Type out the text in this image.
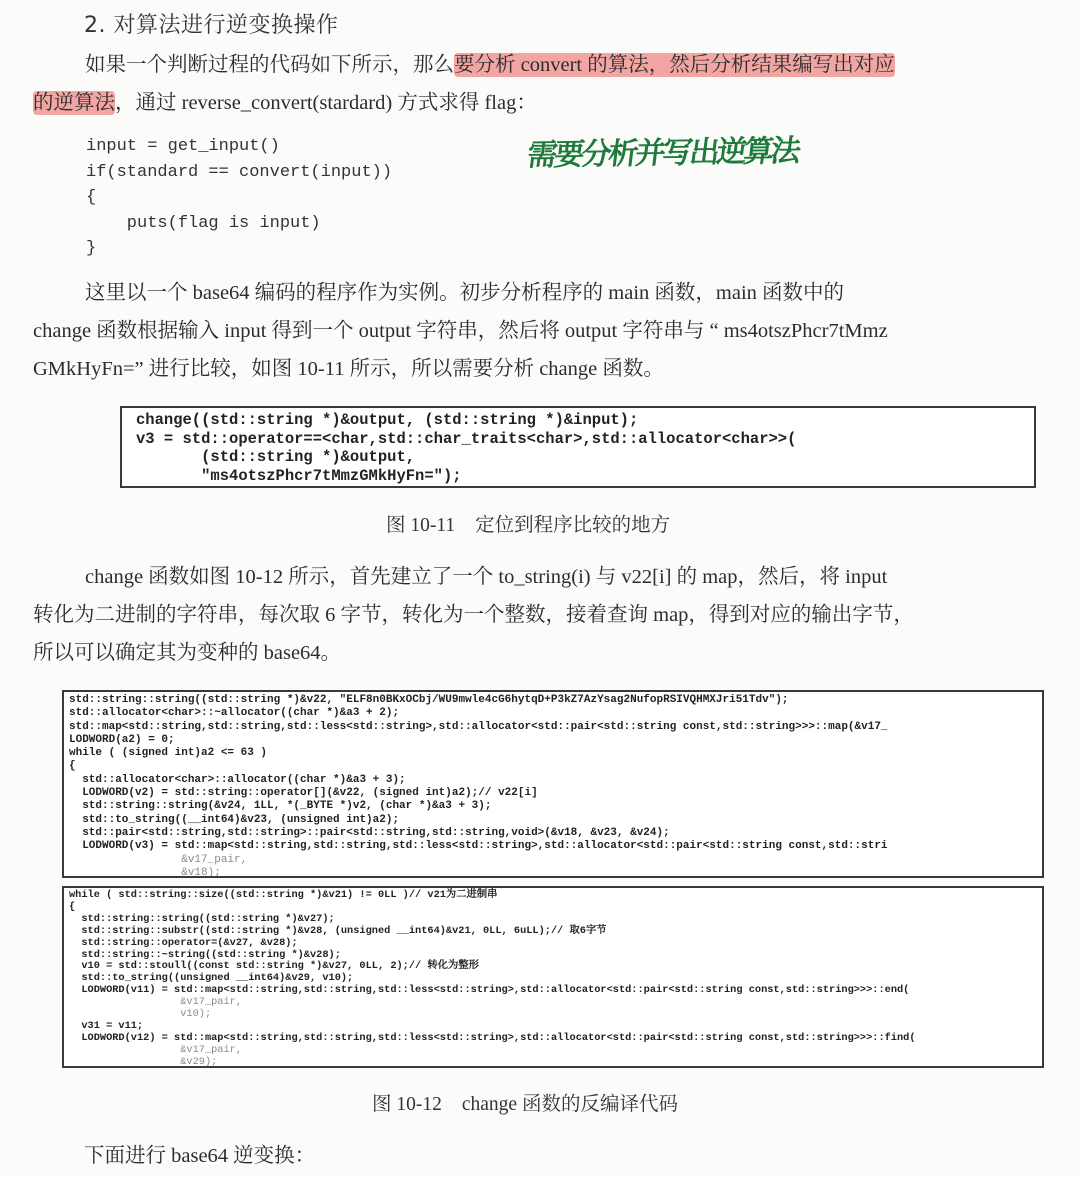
2. 对算法进行逆变换操作
如果一个判断过程的代码如下所示，那么要分析 convert 的算法，然后分析结果编写出对应
的逆算法，通过 reverse_convert(stardard) 方式求得 flag：
input = get_input()
if(standard == convert(input))
{
puts(flag is input)
}
需要分析并写出逆算法
这里以一个 base64 编码的程序作为实例。初步分析程序的 main 函数，main 函数中的
change 函数根据输入 input 得到一个 output 字符串，然后将 output 字符串与 “ ms4otszPhcr7tMmz
GMkHyFn=” 进行比较，如图 10-11 所示，所以需要分析 change 函数。
change((std::string *)&output, (std::string *)&input);
v3 = std::operator==<char,std::char_traits<char>,std::allocator<char>>(
(std::string *)&output,
"ms4otszPhcr7tMmzGMkHyFn=");
图 10-11 定位到程序比较的地方
change 函数如图 10-12 所示，首先建立了一个 to_string(i) 与 v22[i] 的 map，然后，将 input
转化为二进制的字符串，每次取 6 字节，转化为一个整数，接着查询 map，得到对应的输出字节，
所以可以确定其为变种的 base64。
std::string::string((std::string *)&v22, "ELF8n0BKxOCbj/WU9mwle4cG6hytqD+P3kZ7AzYsag2NufopRSIVQHMXJri51Tdv");
std::allocator<char>::~allocator((char *)&a3 + 2);
std::map<std::string,std::string,std::less<std::string>,std::allocator<std::pair<std::string const,std::string>>>::map(&v17_
LODWORD(a2) = 0;
while ( (signed int)a2 <= 63 )
{
std::allocator<char>::allocator((char *)&a3 + 3);
LODWORD(v2) = std::string::operator[](&v22, (signed int)a2);// v22[i]
std::string::string(&v24, 1LL, *(_BYTE *)v2, (char *)&a3 + 3);
std::to_string((__int64)&v23, (unsigned int)a2);
std::pair<std::string,std::string>::pair<std::string,std::string,void>(&v18, &v23, &v24);
LODWORD(v3) = std::map<std::string,std::string,std::less<std::string>,std::allocator<std::pair<std::string const,std::stri
&v17_pair,
&v18);
while ( std::string::size((std::string *)&v21) != 0LL )// v21为二进制串
{
std::string::string((std::string *)&v27);
std::string::substr((std::string *)&v28, (unsigned __int64)&v21, 0LL, 6uLL);// 取6字节
std::string::operator=(&v27, &v28);
std::string::~string((std::string *)&v28);
v10 = std::stoull((const std::string *)&v27, 0LL, 2);// 转化为整形
std::to_string((unsigned __int64)&v29, v10);
LODWORD(v11) = std::map<std::string,std::string,std::less<std::string>,std::allocator<std::pair<std::string const,std::string>>>::end(
&v17_pair,
v10);
v31 = v11;
LODWORD(v12) = std::map<std::string,std::string,std::less<std::string>,std::allocator<std::pair<std::string const,std::string>>>::find(
&v17_pair,
&v29);
图 10-12 change 函数的反编译代码
下面进行 base64 逆变换：
